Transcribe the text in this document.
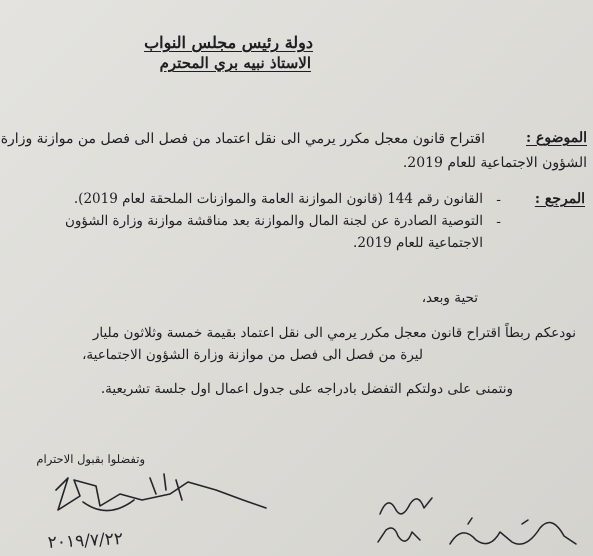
دولة رئيس مجلس النواب
الاستاذ نبيه بري المحترم
الموضوع :
اقتراح قانون معجل مكرر يرمي الى نقل اعتماد من فصل الى فصل من موازنة وزارة
الشؤون الاجتماعية للعام 2019.
المرجع :
-
القانون رقم 144 (قانون الموازنة العامة والموازنات الملحقة لعام 2019).
-
التوصية الصادرة عن لجنة المال والموازنة بعد مناقشة موازنة وزارة الشؤون
الاجتماعية للعام 2019.
تحية وبعد،
نودعكم ربطاً اقتراح قانون معجل مكرر يرمي الى نقل اعتماد بقيمة خمسة وثلاثون مليار
ليرة من فصل الى فصل من موازنة وزارة الشؤون الاجتماعية،
ونتمنى على دولتكم التفضل بادراجه على جدول اعمال اول جلسة تشريعية.
وتفضلوا بقبول الاحترام
٢٠١٩/٧/٢٢
